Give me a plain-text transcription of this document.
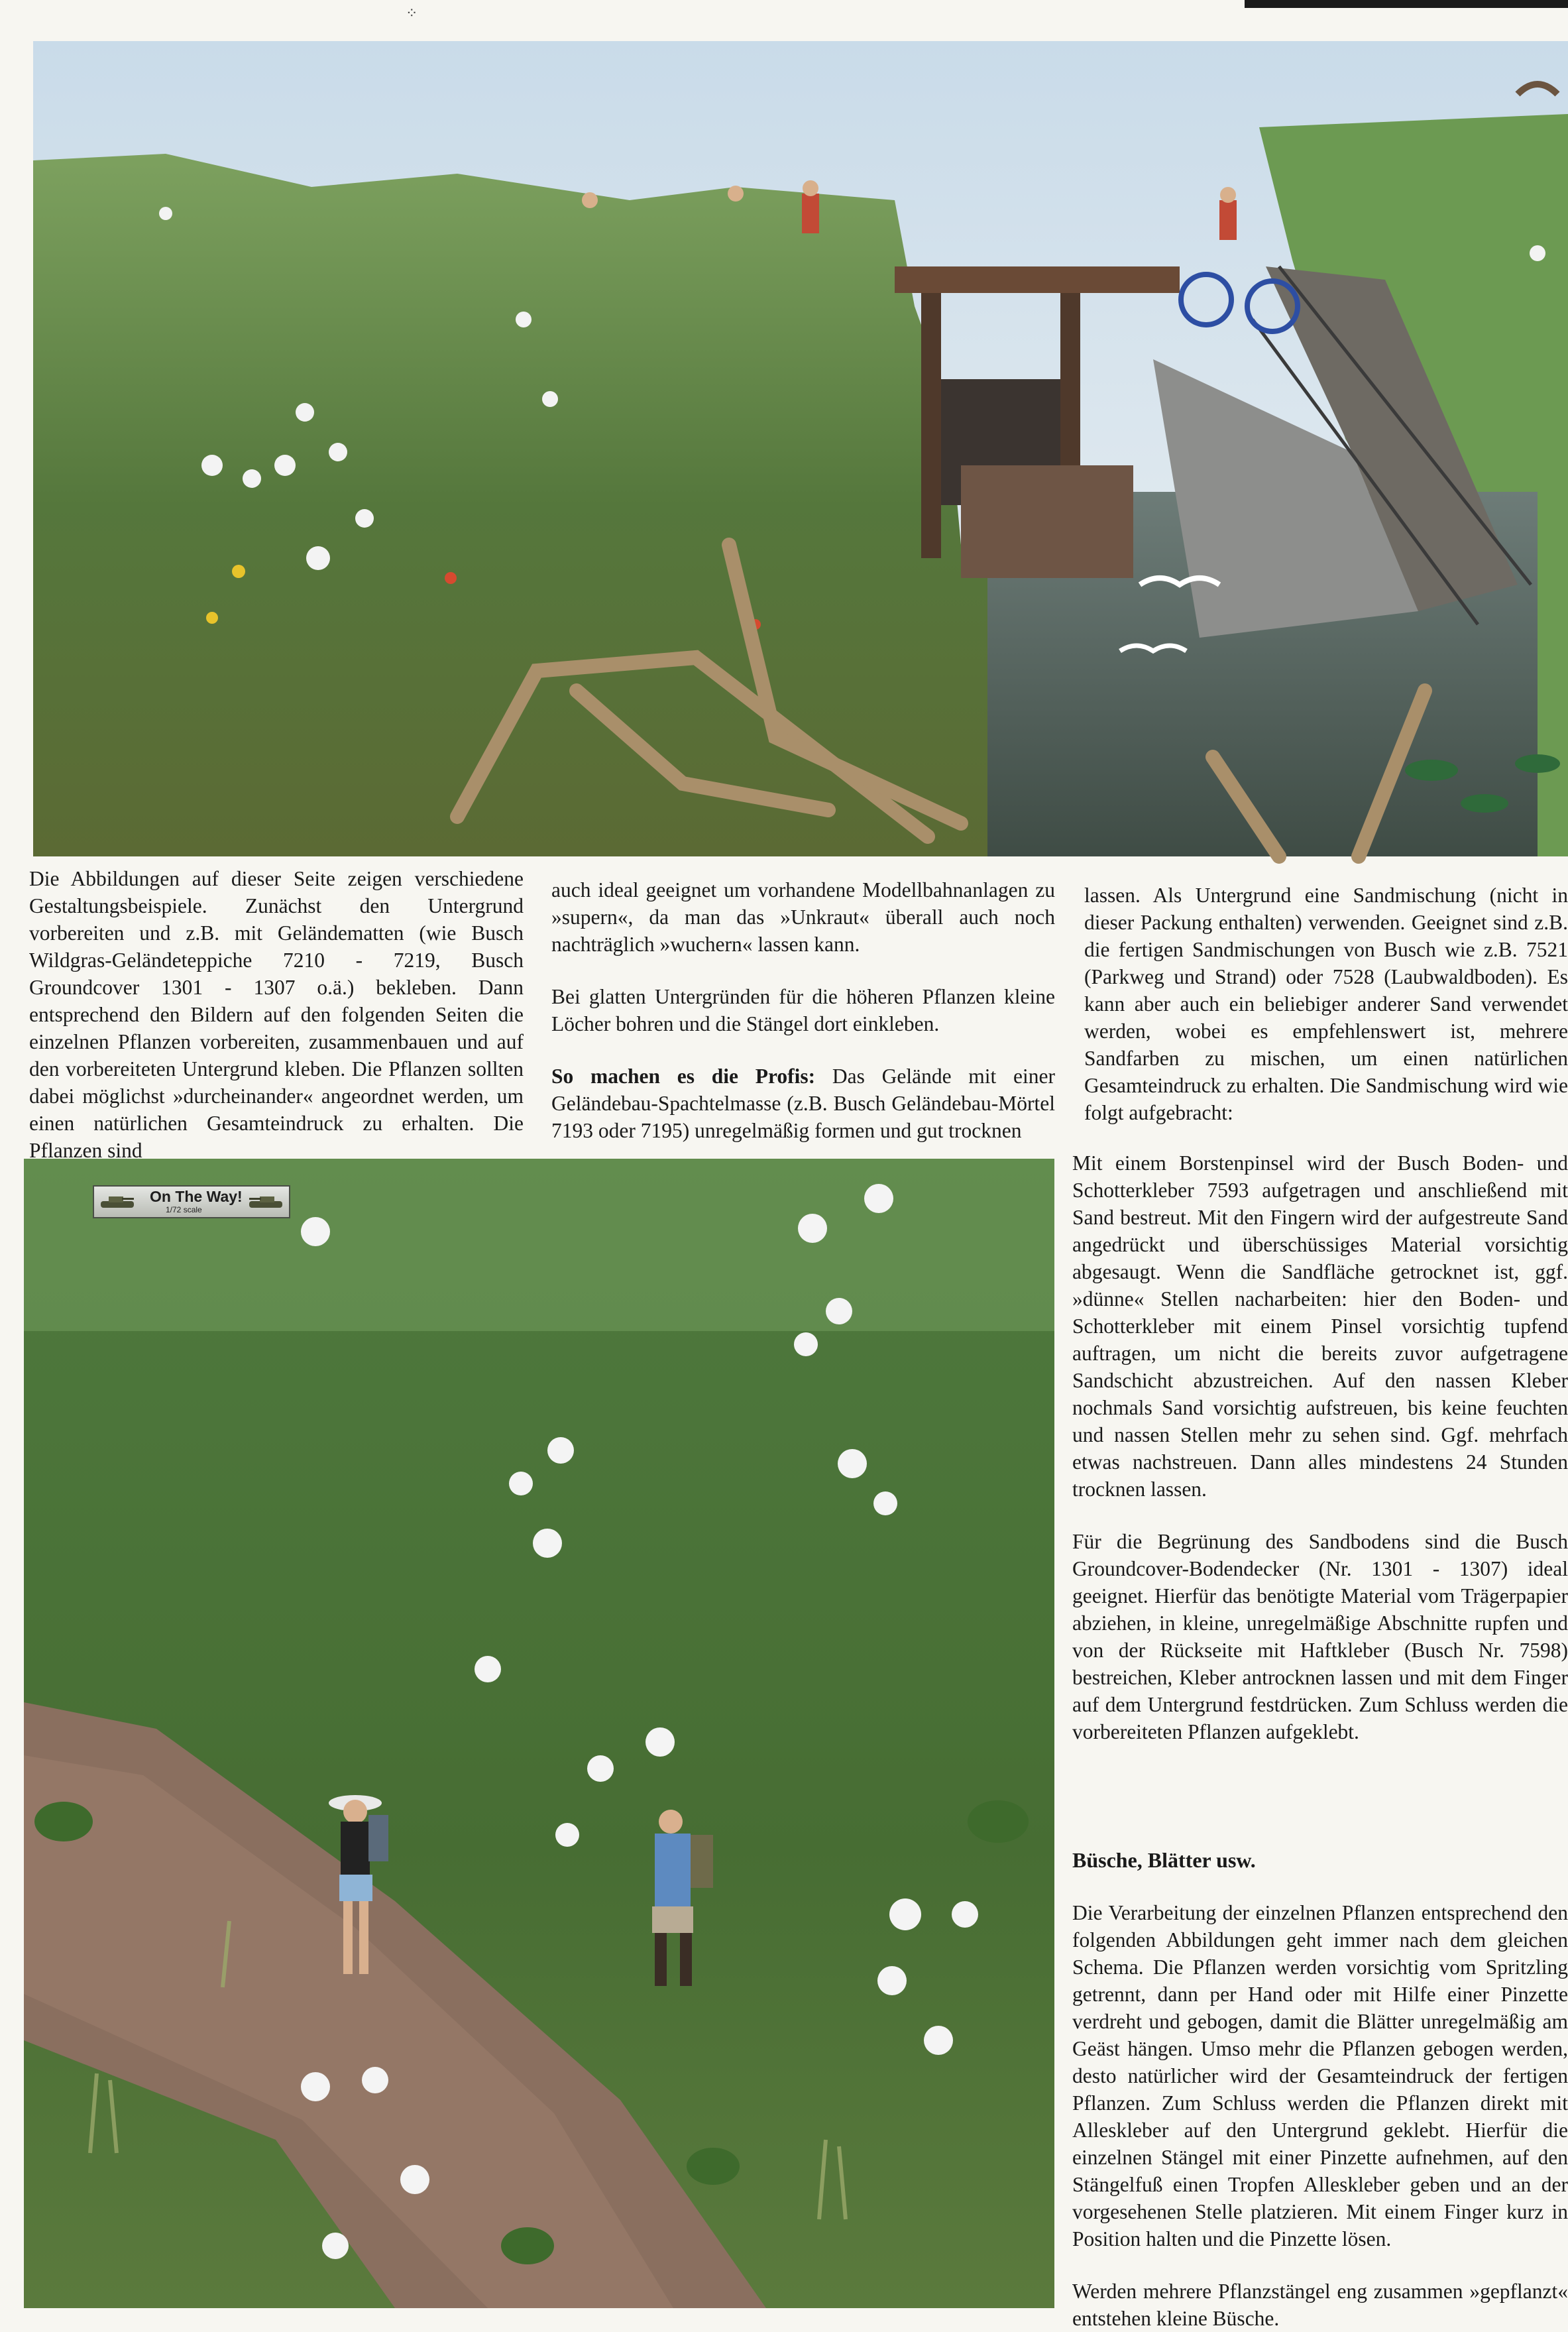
⁘
On The Way!
1/72 scale

Die Abbildungen auf dieser Seite zeigen verschiedene Gestaltungsbeispiele. Zunächst den Untergrund vorbereiten und z.B. mit Geländematten (wie Busch Wildgras-Geländeteppiche 7210 - 7219, Busch Groundcover 1301 - 1307 o.ä.) bekleben. Dann entsprechend den Bildern auf den folgenden Seiten die einzelnen Pflanzen vorbereiten, zusammenbauen und auf den vorbereiteten Untergrund kleben. Die Pflanzen sollten dabei möglichst »durcheinander« angeordnet werden, um einen natürlichen Gesamteindruck zu erhalten. Die Pflanzen sind

auch ideal geeignet um vorhandene Modellbahnanlagen zu »supern«, da man das »Unkraut« überall auch noch nachträglich »wuchern« lassen kann.

Bei glatten Untergründen für die höheren Pflanzen kleine Löcher bohren und die Stängel dort einkleben.

So machen es die Profis: Das Gelände mit einer Geländebau-Spachtelmasse (z.B. Busch Geländebau-Mörtel 7193 oder 7195) unregelmäßig formen und gut trocknen

lassen. Als Untergrund eine Sandmischung (nicht in dieser Packung enthalten) verwenden. Geeignet sind z.B. die fertigen Sandmischungen von Busch wie z.B. 7521 (Parkweg und Strand) oder 7528 (Laubwaldboden). Es kann aber auch ein beliebiger anderer Sand verwendet werden, wobei es empfehlenswert ist, mehrere Sandfarben zu mischen, um einen natürlichen Gesamteindruck zu erhalten. Die Sandmischung wird wie folgt aufgebracht:

Mit einem Borstenpinsel wird der Busch Boden- und Schotterkleber 7593 aufgetragen und anschließend mit Sand bestreut. Mit den Fingern wird der aufgestreute Sand angedrückt und überschüssiges Material vorsichtig abgesaugt. Wenn die Sandfläche getrocknet ist, ggf. »dünne« Stellen nacharbeiten: hier den Boden- und Schotterkleber mit einem Pinsel vorsichtig tupfend auftragen, um nicht die bereits zuvor aufgetragene Sandschicht abzustreichen. Auf den nassen Kleber nochmals Sand vorsichtig aufstreuen, bis keine feuchten und nassen Stellen mehr zu sehen sind. Ggf. mehrfach etwas nachstreuen. Dann alles mindestens 24 Stunden trocknen lassen.

Für die Begrünung des Sandbodens sind die Busch Groundcover-Bodendecker (Nr. 1301 - 1307) ideal geeignet. Hierfür das benötigte Material vom Trägerpapier abziehen, in kleine, unregelmäßige Abschnitte rupfen und von der Rückseite mit Haftkleber (Busch Nr. 7598) bestreichen, Kleber antrocknen lassen und mit dem Finger auf dem Untergrund festdrücken. Zum Schluss werden die vorbereiteten Pflanzen aufgeklebt.

Büsche, Blätter usw.

Die Verarbeitung der einzelnen Pflanzen entsprechend den folgenden Abbildungen geht immer nach dem gleichen Schema. Die Pflanzen werden vorsichtig vom Spritzling getrennt, dann per Hand oder mit Hilfe einer Pinzette verdreht und gebogen, damit die Blätter unregelmäßig am Geäst hängen. Umso mehr die Pflanzen gebogen werden, desto natürlicher wird der Gesamteindruck der fertigen Pflanzen. Zum Schluss werden die Pflanzen direkt mit Alleskleber auf den Untergrund geklebt. Hierfür die einzelnen Stängel mit einer Pinzette aufnehmen, auf den Stängelfuß einen Tropfen Alleskleber geben und an der vorgesehenen Stelle platzieren. Mit einem Finger kurz in Position halten und die Pinzette lösen.

Werden mehrere Pflanzstängel eng zusammen »gepflanzt« entstehen kleine Büsche.
